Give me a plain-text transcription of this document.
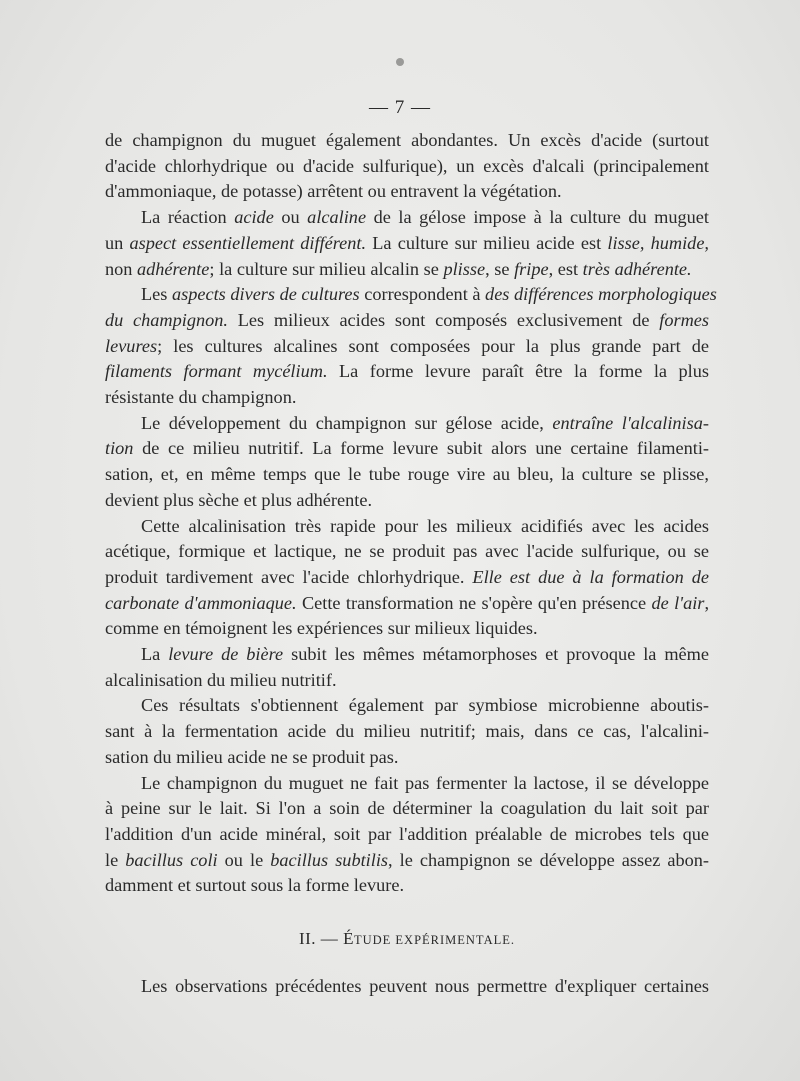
— 7 —
de champignon du muguet également abondantes. Un excès d'acide (surtout
d'acide chlorhydrique ou d'acide sulfurique), un excès d'alcali (principalement
d'ammoniaque, de potasse) arrêtent ou entravent la végétation.
La réaction acide ou alcaline de la gélose impose à la culture du muguet
un aspect essentiellement différent. La culture sur milieu acide est lisse, humide,
non adhérente; la culture sur milieu alcalin se plisse, se fripe, est très adhérente.
Les aspects divers de cultures correspondent à des différences morphologiques
du champignon. Les milieux acides sont composés exclusivement de formes
levures; les cultures alcalines sont composées pour la plus grande part de
filaments formant mycélium. La forme levure paraît être la forme la plus
résistante du champignon.
Le développement du champignon sur gélose acide, entraîne l'alcalinisa-
tion de ce milieu nutritif. La forme levure subit alors une certaine filamenti-
sation, et, en même temps que le tube rouge vire au bleu, la culture se plisse,
devient plus sèche et plus adhérente.
Cette alcalinisation très rapide pour les milieux acidifiés avec les acides
acétique, formique et lactique, ne se produit pas avec l'acide sulfurique, ou se
produit tardivement avec l'acide chlorhydrique. Elle est due à la formation de
carbonate d'ammoniaque. Cette transformation ne s'opère qu'en présence de l'air,
comme en témoignent les expériences sur milieux liquides.
La levure de bière subit les mêmes métamorphoses et provoque la même
alcalinisation du milieu nutritif.
Ces résultats s'obtiennent également par symbiose microbienne aboutis-
sant à la fermentation acide du milieu nutritif; mais, dans ce cas, l'alcalini-
sation du milieu acide ne se produit pas.
Le champignon du muguet ne fait pas fermenter la lactose, il se développe
à peine sur le lait. Si l'on a soin de déterminer la coagulation du lait soit par
l'addition d'un acide minéral, soit par l'addition préalable de microbes tels que
le bacillus coli ou le bacillus subtilis, le champignon se développe assez abon-
damment et surtout sous la forme levure.
II. — ÉTUDE EXPÉRIMENTALE.
Les observations précédentes peuvent nous permettre d'expliquer certaines
